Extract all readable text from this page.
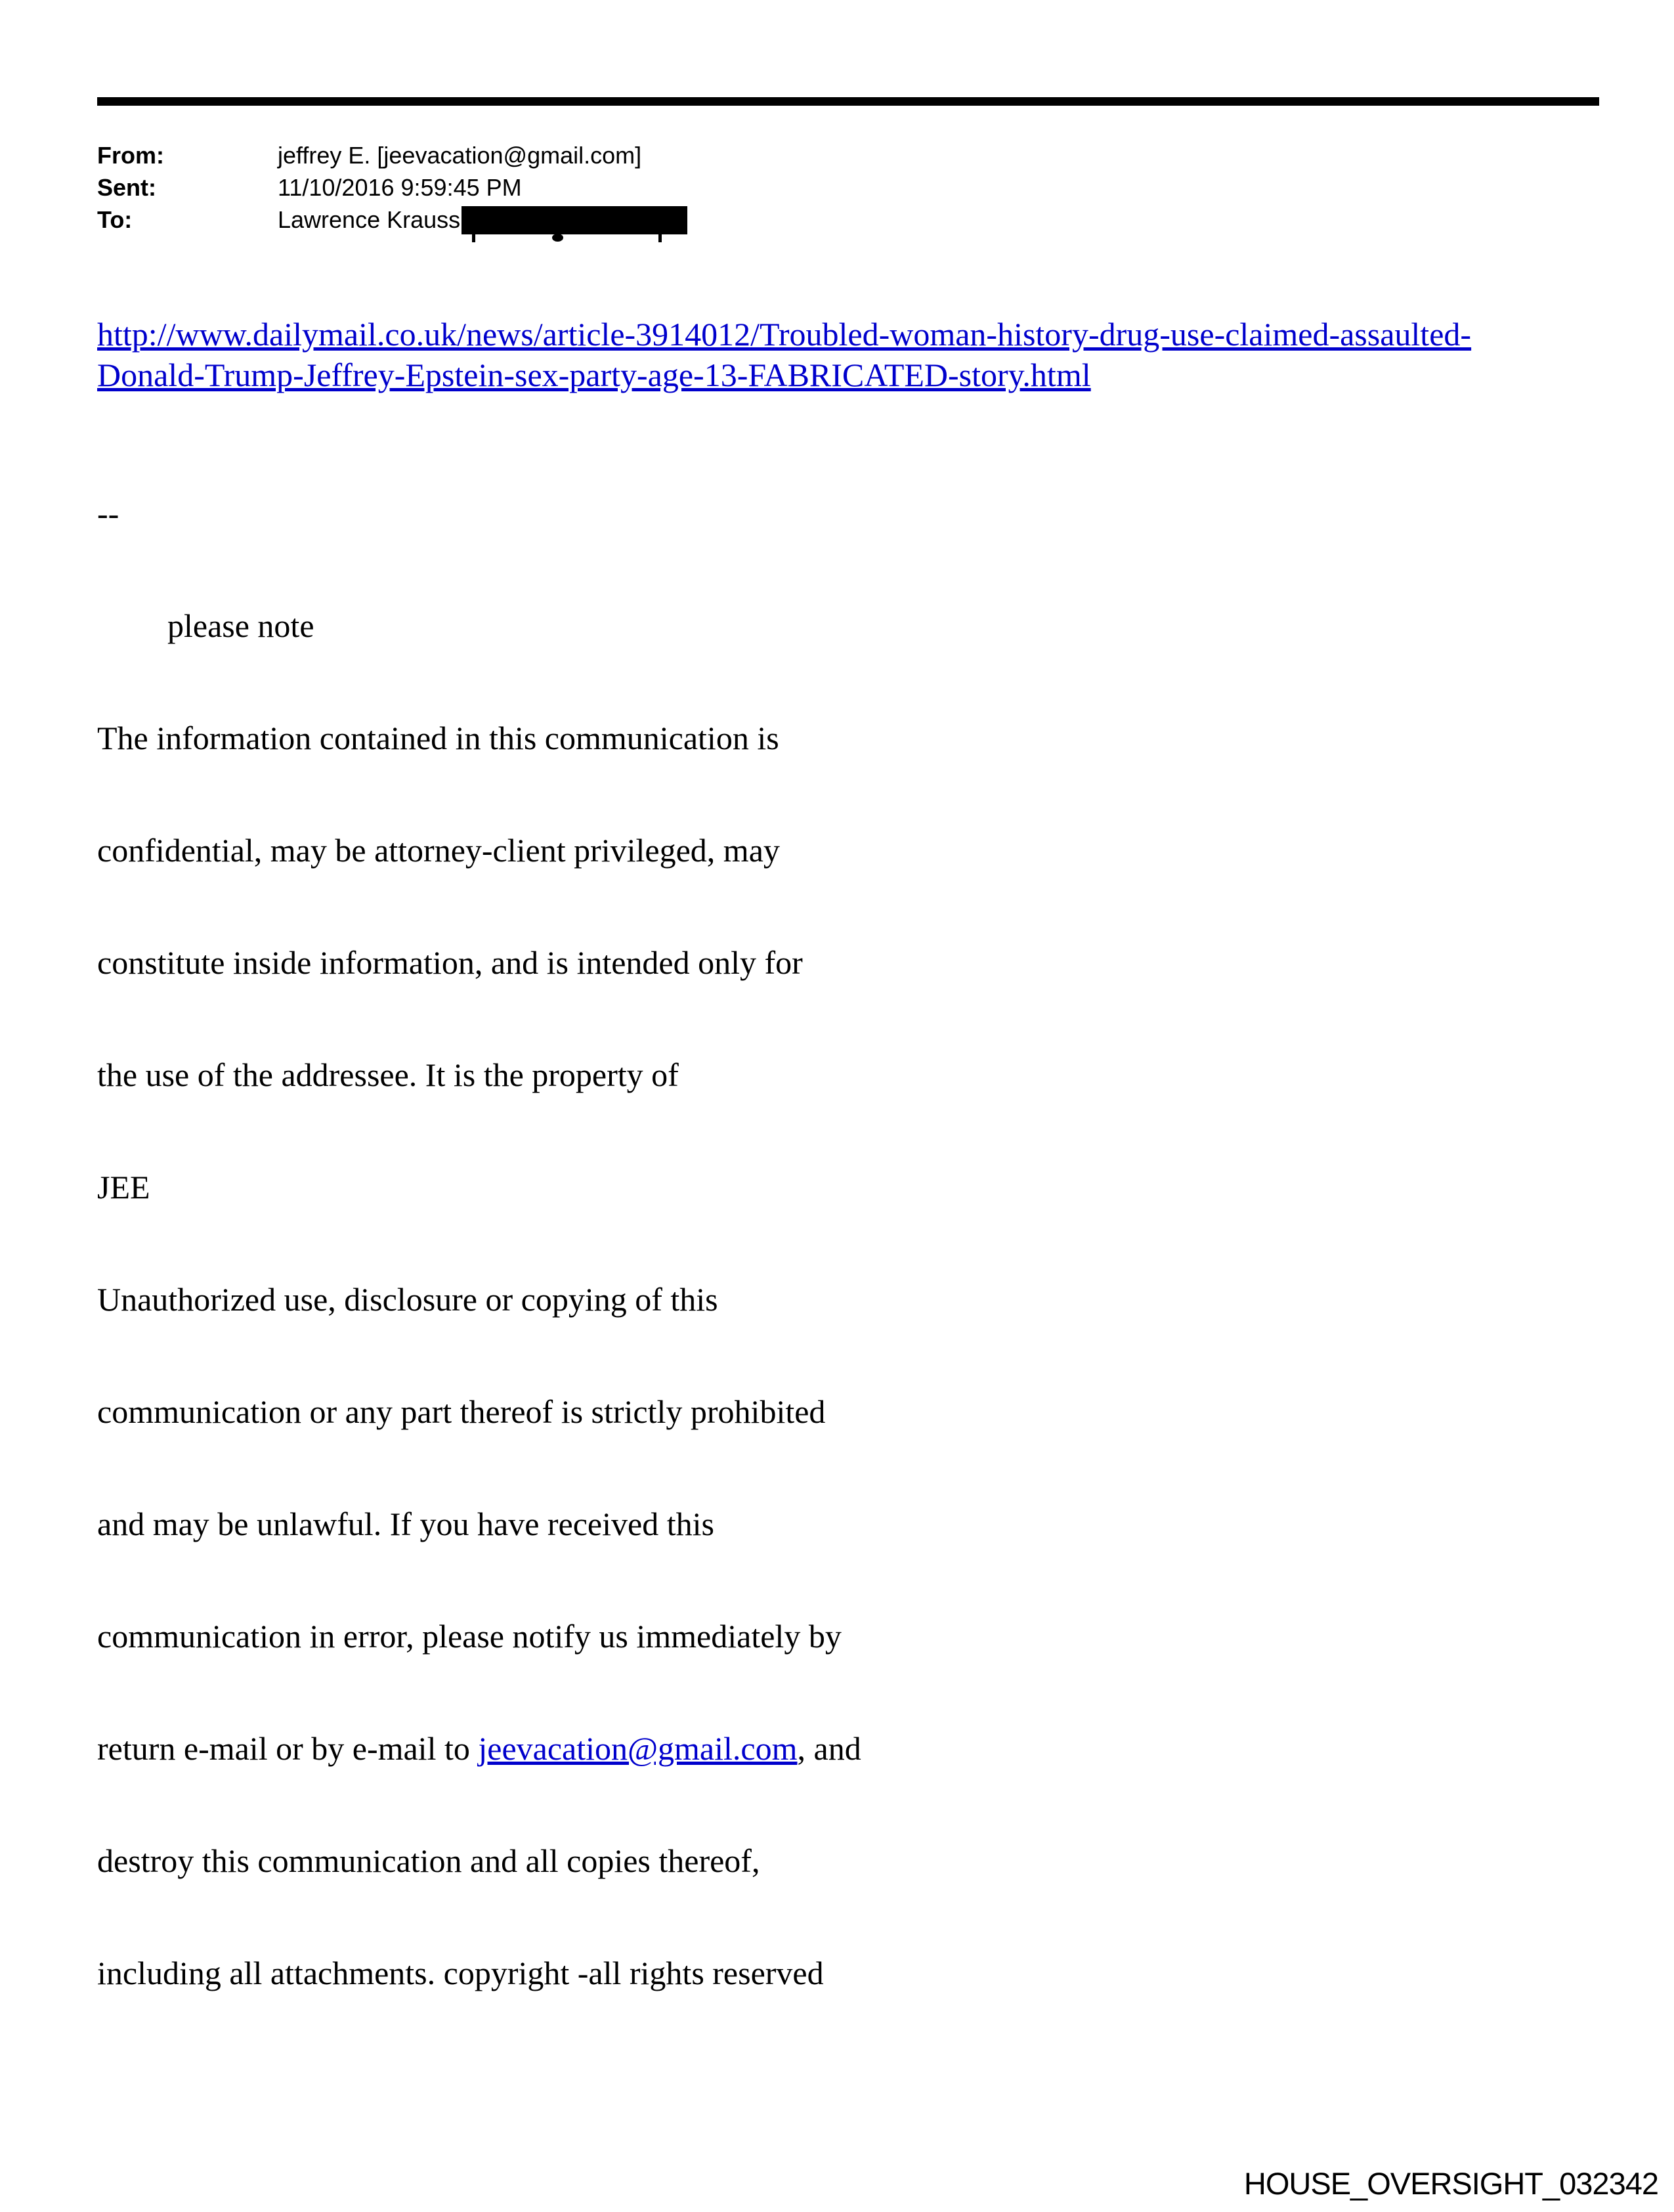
From:	jeffrey E. [jeevacation@gmail.com]
Sent:	11/10/2016 9:59:45 PM
To:	Lawrence Krauss
http://www.dailymail.co.uk/news/article-3914012/Troubled-woman-history-drug-use-claimed-assaulted-
Donald-Trump-Jeffrey-Epstein-sex-party-age-13-FABRICATED-story.html

--

please note

The information contained in this communication is

confidential, may be attorney-client privileged, may

constitute inside information, and is intended only for

the use of the addressee. It is the property of

JEE

Unauthorized use, disclosure or copying of this

communication or any part thereof is strictly prohibited

and may be unlawful. If you have received this

communication in error, please notify us immediately by

return e-mail or by e-mail to jeevacation@gmail.com, and

destroy this communication and all copies thereof,

including all attachments. copyright -all rights reserved

HOUSE_OVERSIGHT_032342
